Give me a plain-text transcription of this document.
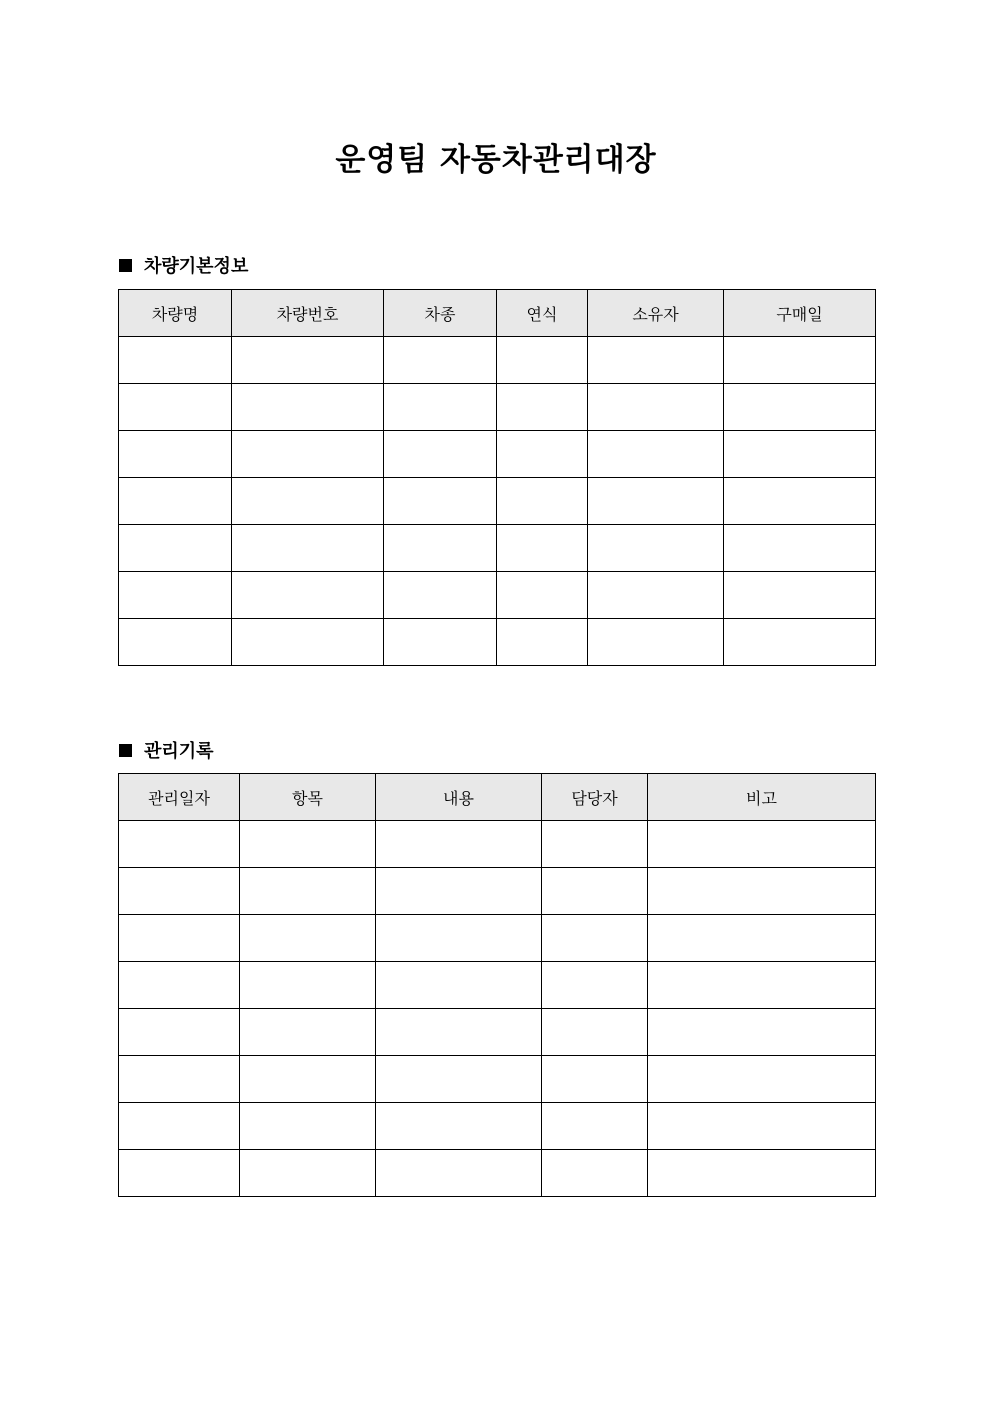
운영팀 자동차관리대장
차량기본정보
차량명	차량번호	차종	연식	소유자	구매일

관리기록
관리일자	항목	내용	담당자	비고
